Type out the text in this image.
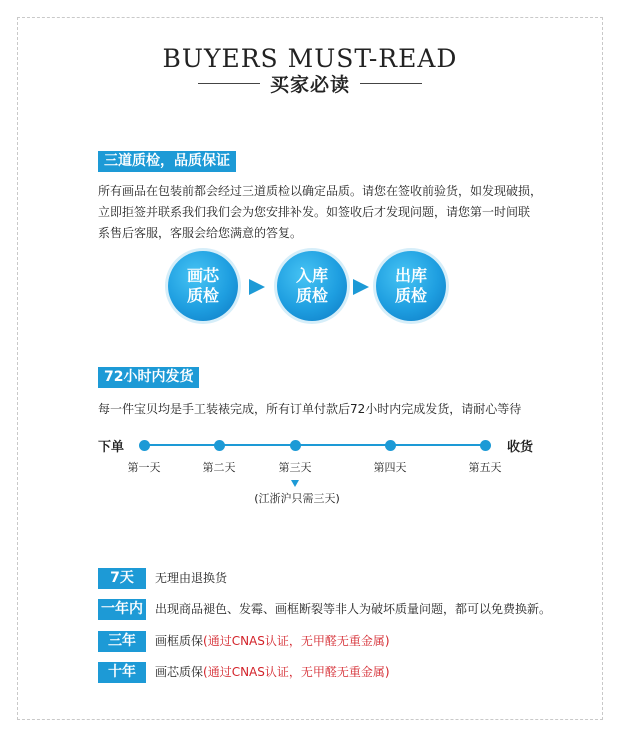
BUYERS MUST-READ
买家必读
三道质检，品质保证
所有画品在包装前都会经过三道质检以确定品质。请您在签收前验货，如发现破损，
立即拒签并联系我们我们会为您安排补发。如签收后才发现问题，请您第一时间联
系售后客服，客服会给您满意的答复。
画芯
质检
入库
质检
出库
质检
72小时内发货
每一件宝贝均是手工装裱完成，所有订单付款后72小时内完成发货，请耐心等待
下单	收货
第一天	第二天	第三天	第四天	第五天
(江浙沪只需三天)
7天	无理由退换货
一年内 出现商品褪色、发霉、画框断裂等非人为破坏质量问题，都可以免费换新。
三年	画框质保(通过CNAS认证，无甲醛无重金属)
十年	画芯质保(通过CNAS认证，无甲醛无重金属)
